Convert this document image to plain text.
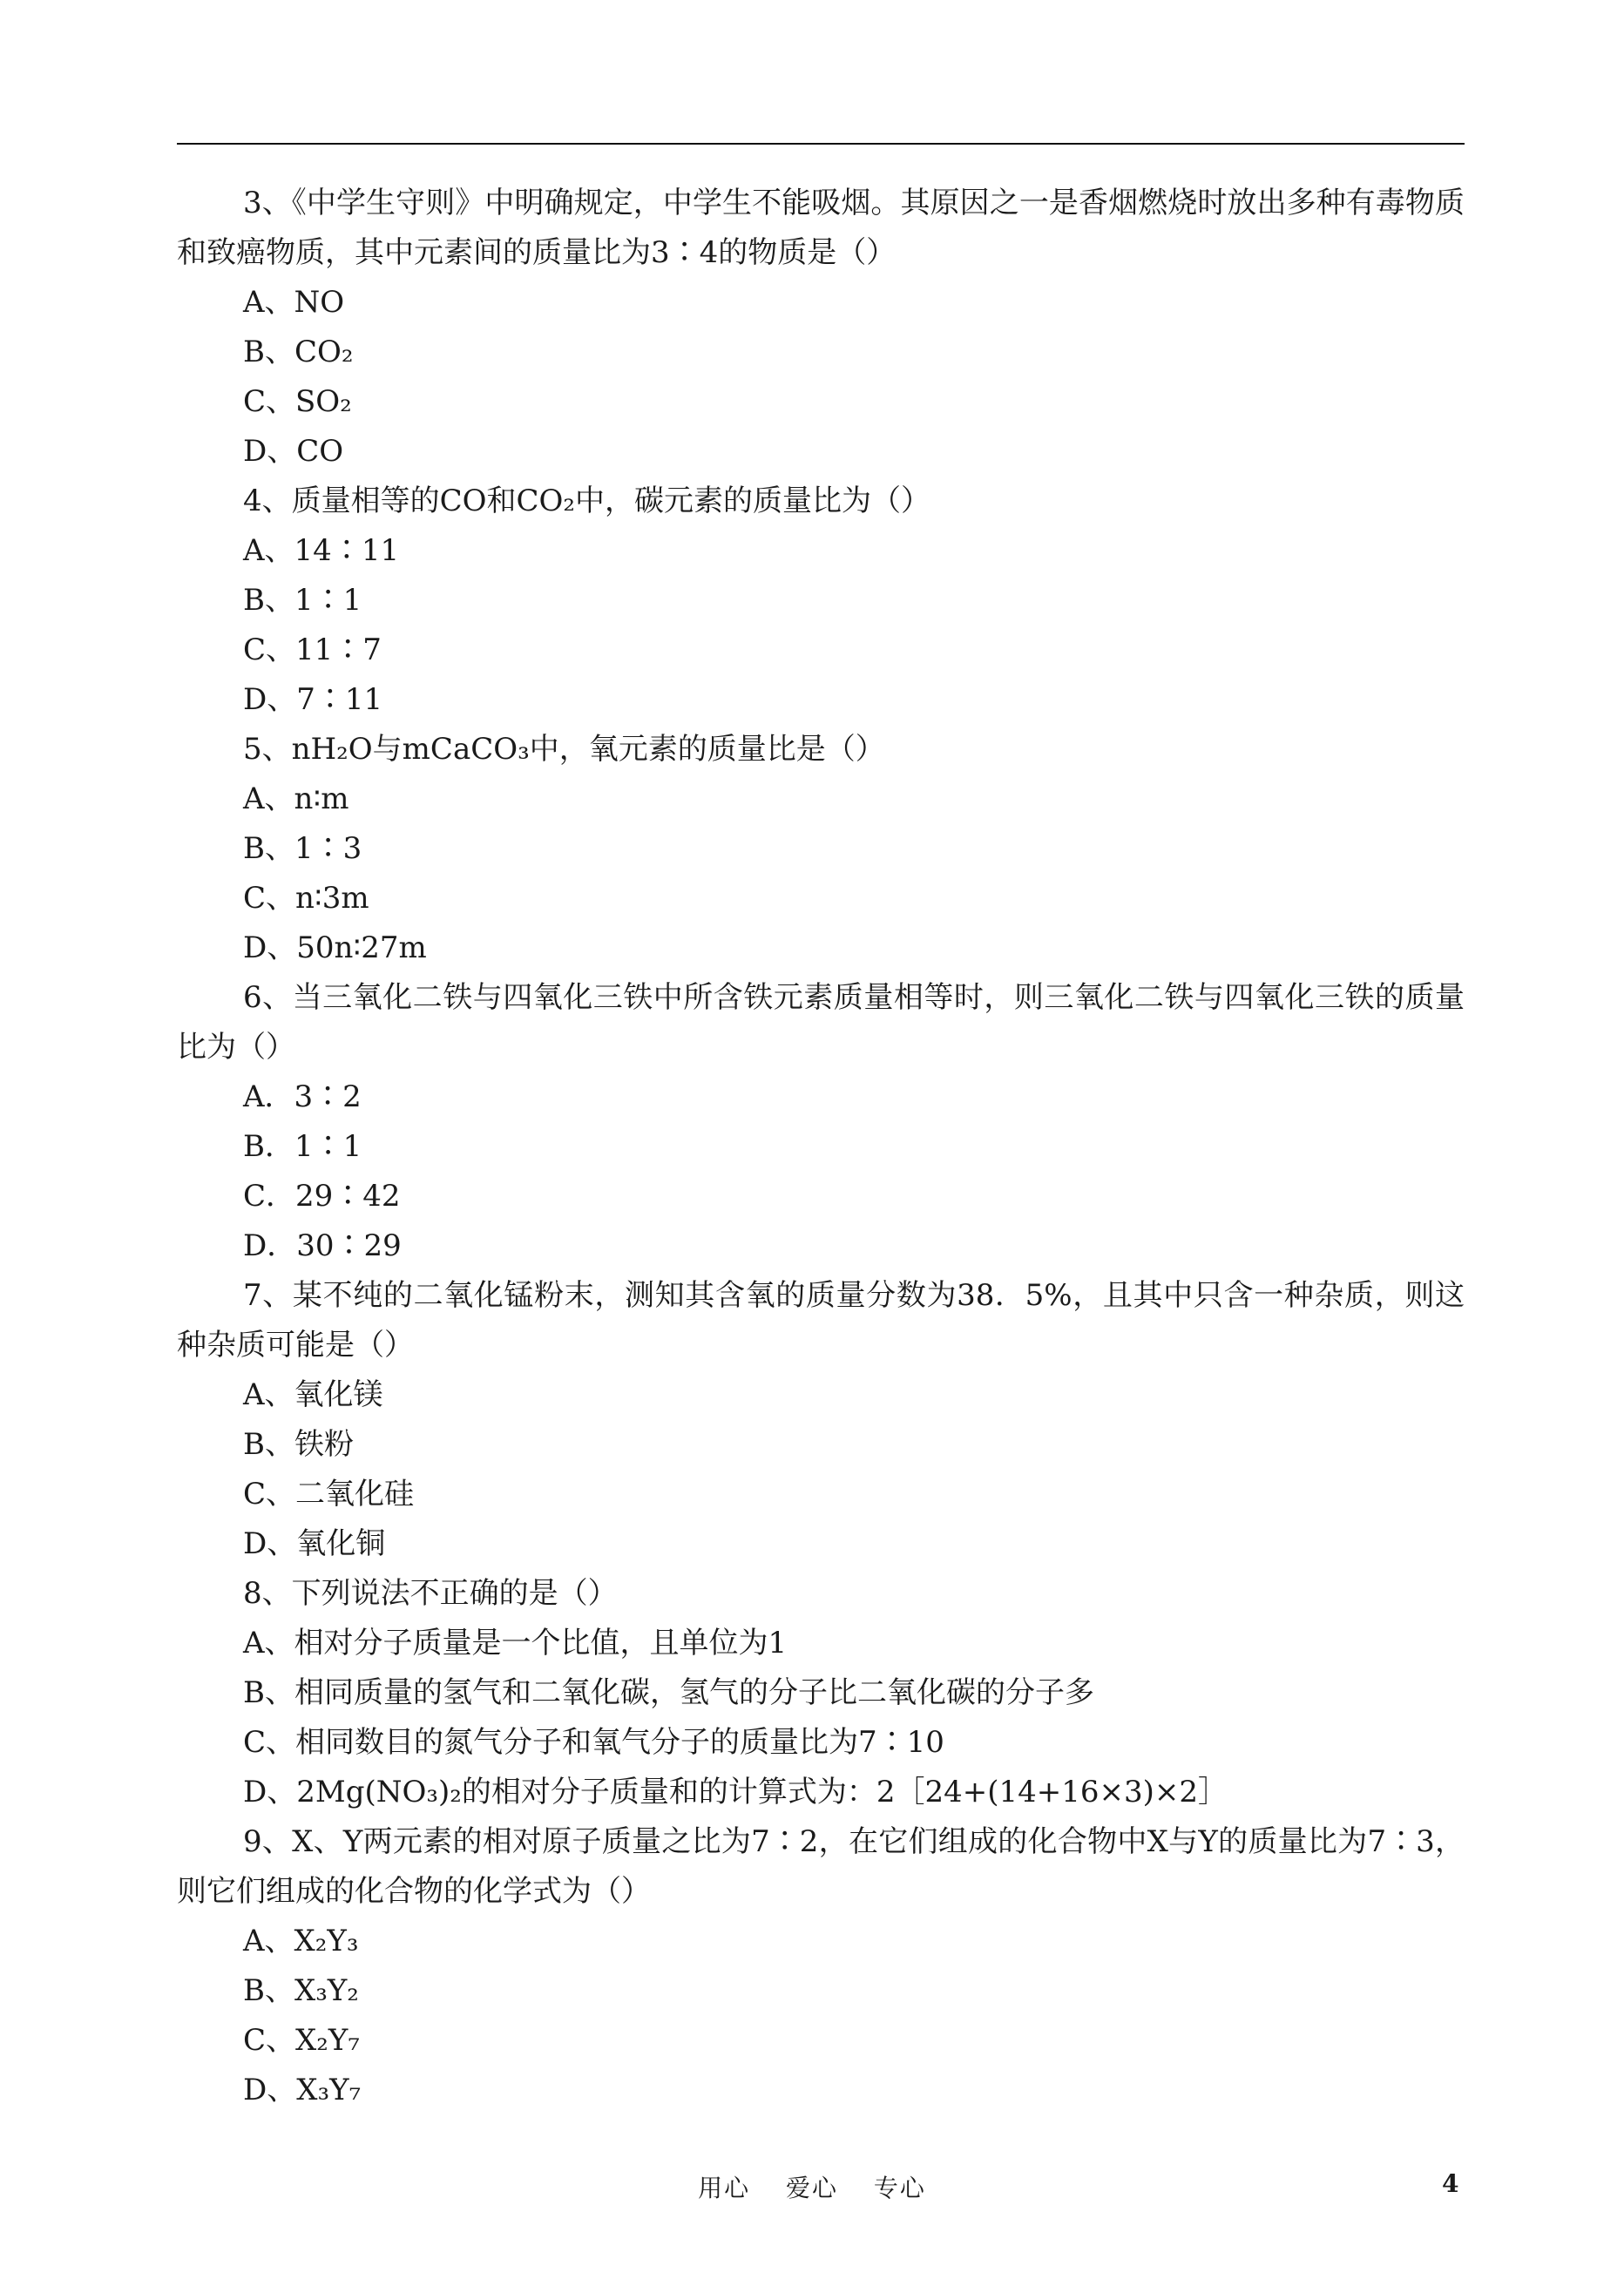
3、《中学生守则》中明确规定，中学生不能吸烟。其原因之一是香烟燃烧时放出多种有毒物质和致癌物质，其中元素间的质量比为3∶4的物质是（）

A、NO

B、CO₂

C、SO₂

D、CO

4、质量相等的CO和CO₂中，碳元素的质量比为（）

A、14∶11

B、1∶1

C、11∶7

D、7∶11

5、nH₂O与mCaCO₃中，氧元素的质量比是（）

A、n∶m

B、1∶3

C、n∶3m

D、50n∶27m

6、当三氧化二铁与四氧化三铁中所含铁元素质量相等时，则三氧化二铁与四氧化三铁的质量比为（）

A．3∶2

B．1∶1

C．29∶42

D．30∶29

7、某不纯的二氧化锰粉末，测知其含氧的质量分数为38．5%，且其中只含一种杂质，则这种杂质可能是（）

A、氧化镁

B、铁粉

C、二氧化硅

D、氧化铜

8、下列说法不正确的是（）

A、相对分子质量是一个比值，且单位为1

B、相同质量的氢气和二氧化碳，氢气的分子比二氧化碳的分子多

C、相同数目的氮气分子和氧气分子的质量比为7∶10

D、2Mg(NO₃)₂的相对分子质量和的计算式为：2［24+(14+16×3)×2］

9、X、Y两元素的相对原子质量之比为7∶2，在它们组成的化合物中X与Y的质量比为7∶3，则它们组成的化合物的化学式为（）

A、X₂Y₃

B、X₃Y₂

C、X₂Y₇

D、X₃Y₇

用心 爱心 专心	4
